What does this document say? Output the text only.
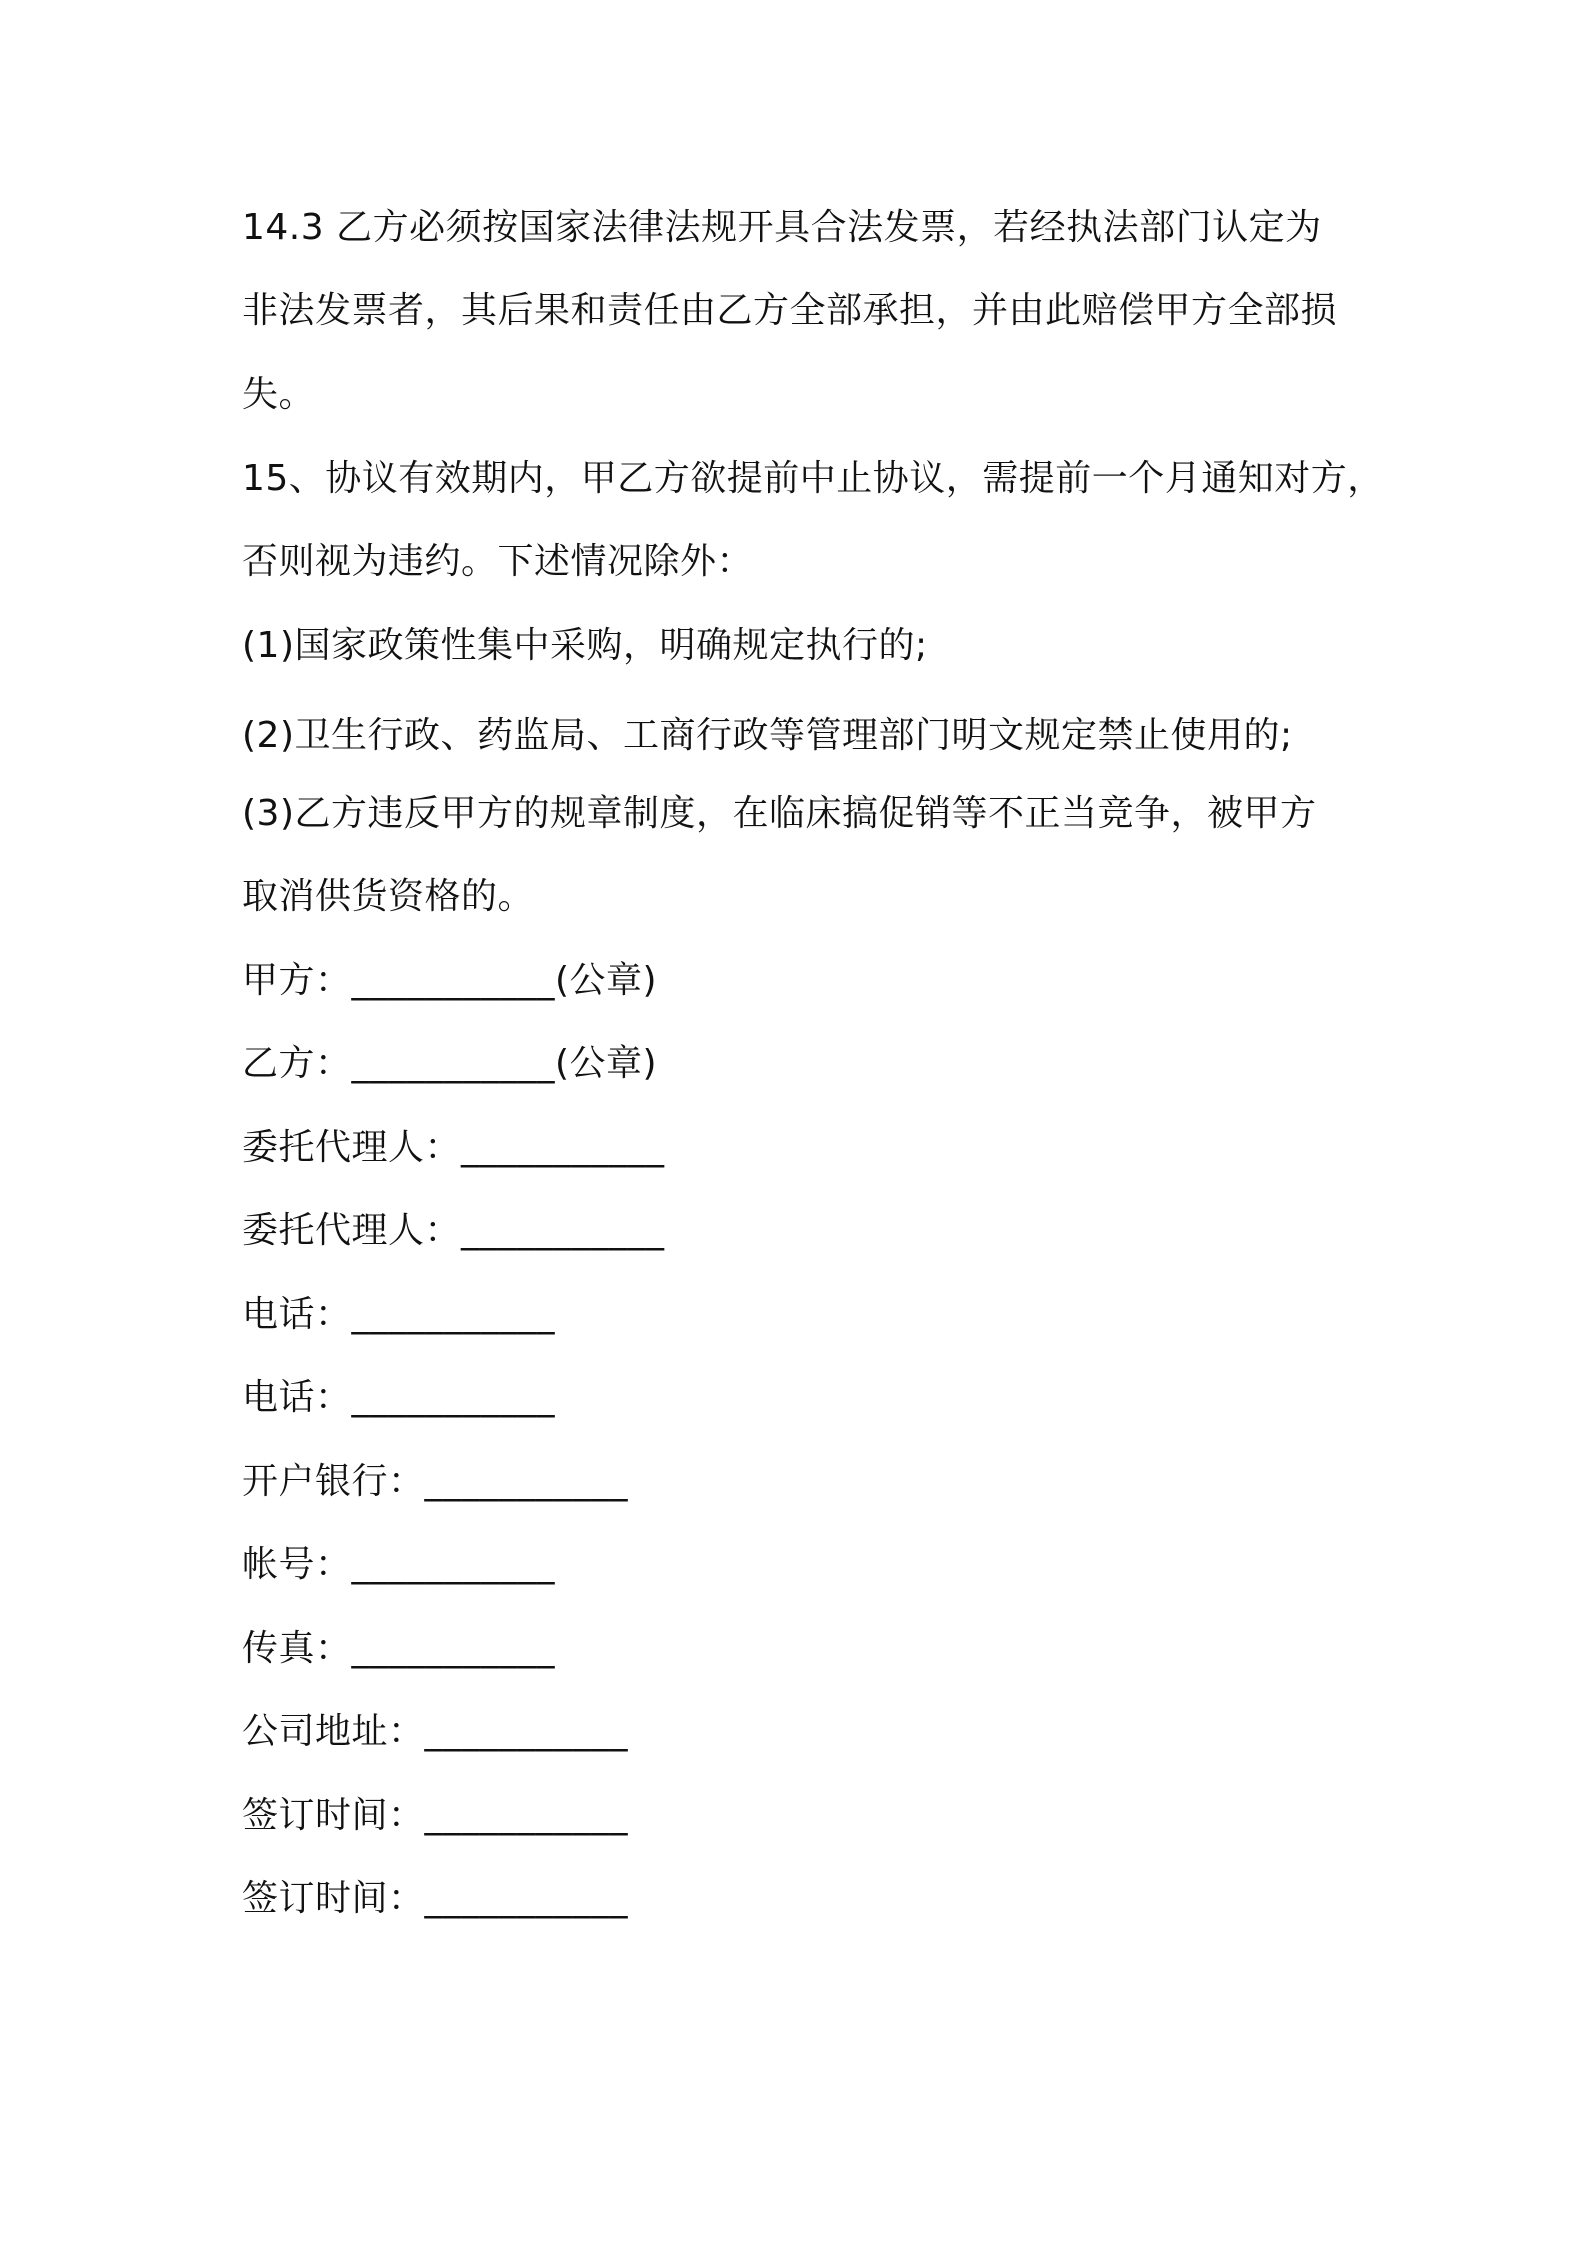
14.3 乙方必须按国家法律法规开具合法发票，若经执法部门认定为
非法发票者，其后果和责任由乙方全部承担，并由此赔偿甲方全部损
失。
15、协议有效期内，甲乙方欲提前中止协议，需提前一个月通知对方，
否则视为违约。下述情况除外：
(1)国家政策性集中采购，明确规定执行的;
(2)卫生行政、药监局、工商行政等管理部门明文规定禁止使用的;
(3)乙方违反甲方的规章制度，在临床搞促销等不正当竞争，被甲方
取消供货资格的。
甲方：___________(公章)
乙方：___________(公章)
委托代理人：___________
委托代理人：___________
电话：___________
电话：___________
开户银行：___________
帐号：___________
传真：___________
公司地址：___________
签订时间：___________
签订时间：___________
